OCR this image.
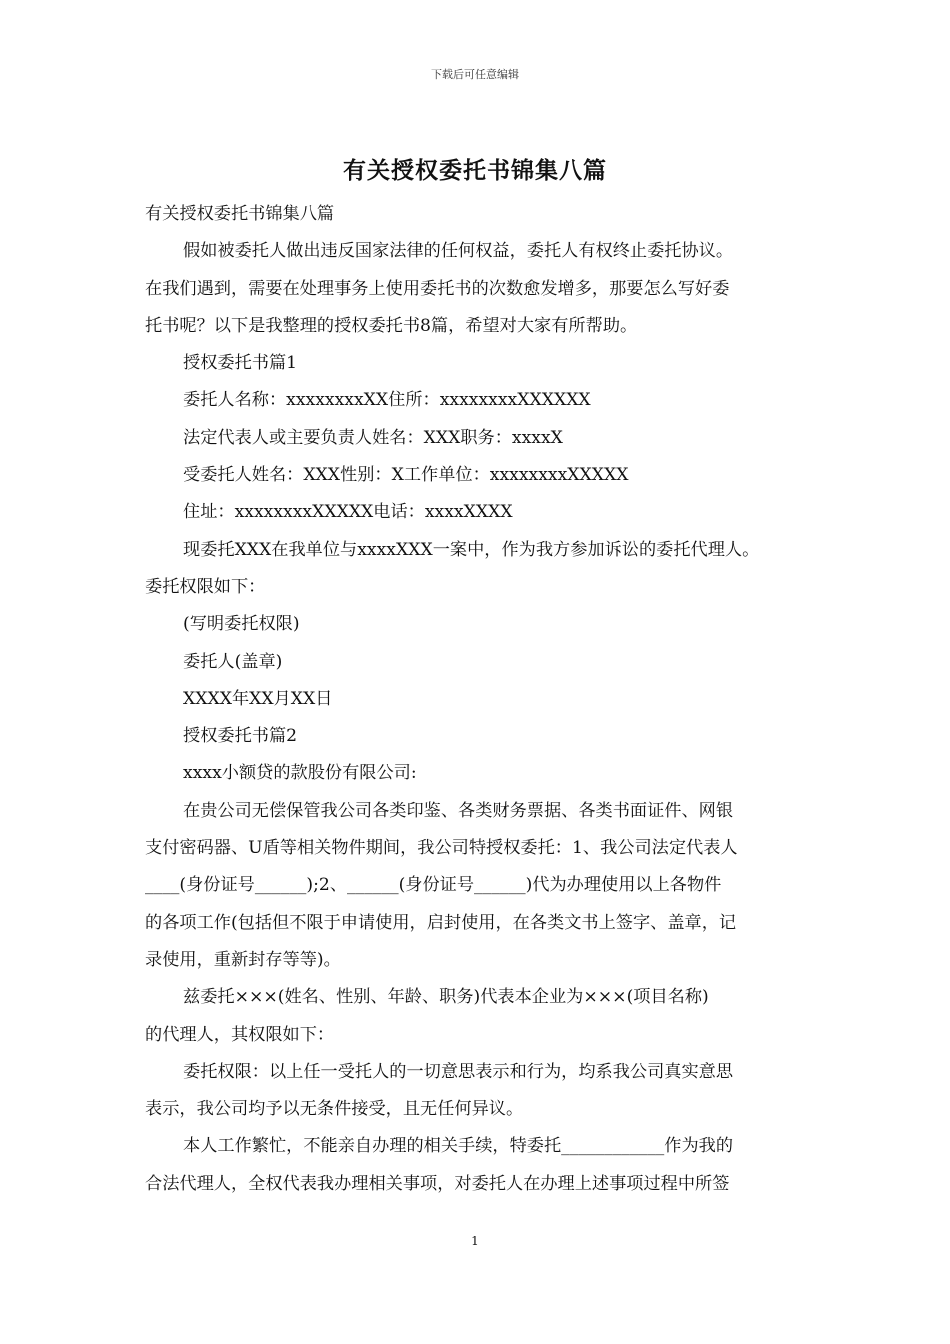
下载后可任意编辑
有关授权委托书锦集八篇

有关授权委托书锦集八篇

假如被委托人做出违反国家法律的任何权益，委托人有权终止委托协议。

在我们遇到，需要在处理事务上使用委托书的次数愈发增多，那要怎么写好委

托书呢？以下是我整理的授权委托书8篇，希望对大家有所帮助。

授权委托书篇1

委托人名称：xxxxxxxxXX住所：xxxxxxxxXXXXXX

法定代表人或主要负责人姓名：XXX职务：xxxxX

受委托人姓名：XXX性别：X工作单位：xxxxxxxxXXXXX

住址：xxxxxxxxXXXXX电话：xxxxXXXX

现委托XXX在我单位与xxxxXXX一案中，作为我方参加诉讼的委托代理人。

委托权限如下：

(写明委托权限)

委托人(盖章)

XXXX年XX月XX日

授权委托书篇2

xxxx小额贷的款股份有限公司:

在贵公司无偿保管我公司各类印鉴、各类财务票据、各类书面证件、网银

支付密码器、U盾等相关物件期间，我公司特授权委托：1、我公司法定代表人

____(身份证号______);2、______(身份证号______)代为办理使用以上各物件

的各项工作(包括但不限于申请使用，启封使用，在各类文书上签字、盖章，记

录使用，重新封存等等)。

兹委托×××(姓名、性别、年龄、职务)代表本企业为×××(项目名称)

的代理人，其权限如下：

委托权限：以上任一受托人的一切意思表示和行为，均系我公司真实意思

表示，我公司均予以无条件接受，且无任何异议。

本人工作繁忙，不能亲自办理的相关手续，特委托____________作为我的

合法代理人，全权代表我办理相关事项，对委托人在办理上述事项过程中所签

1
